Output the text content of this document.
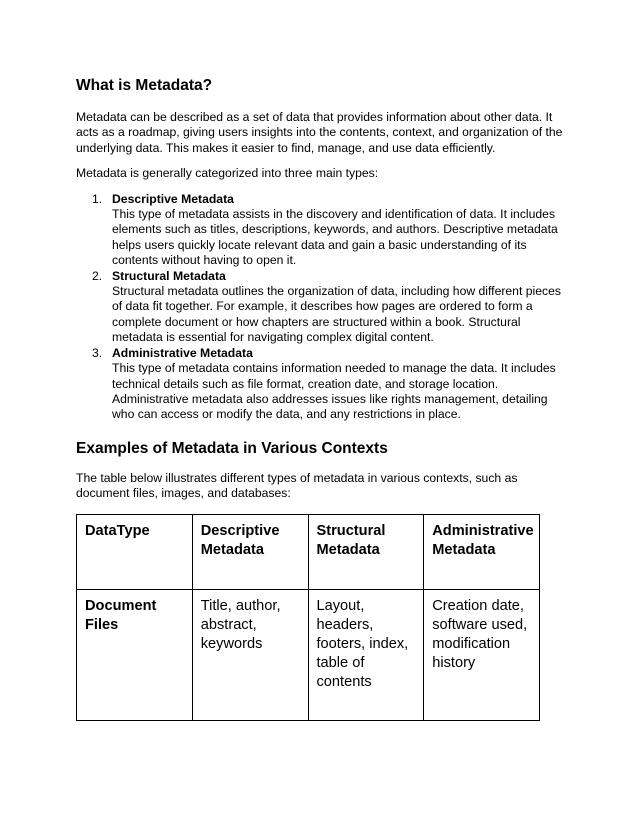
What is Metadata?

Metadata can be described as a set of data that provides information about other data. It acts as a roadmap, giving users insights into the contents, context, and organization of the underlying data. This makes it easier to find, manage, and use data efficiently.

Metadata is generally categorized into three main types:

1. Descriptive Metadata
This type of metadata assists in the discovery and identification of data. It includes elements such as titles, descriptions, keywords, and authors. Descriptive metadata helps users quickly locate relevant data and gain a basic understanding of its contents without having to open it.
2. Structural Metadata
Structural metadata outlines the organization of data, including how different pieces of data fit together. For example, it describes how pages are ordered to form a complete document or how chapters are structured within a book. Structural metadata is essential for navigating complex digital content.
3. Administrative Metadata
This type of metadata contains information needed to manage the data. It includes technical details such as file format, creation date, and storage location. Administrative metadata also addresses issues like rights management, detailing who can access or modify the data, and any restrictions in place.
Examples of Metadata in Various Contexts

The table below illustrates different types of metadata in various contexts, such as document files, images, and databases:

DataType	Descriptive Metadata	Structural Metadata	Administrative Metadata
Document Files	Title, author, abstract, keywords	Layout, headers, footers, index, table of contents	Creation date, software used, modification history
